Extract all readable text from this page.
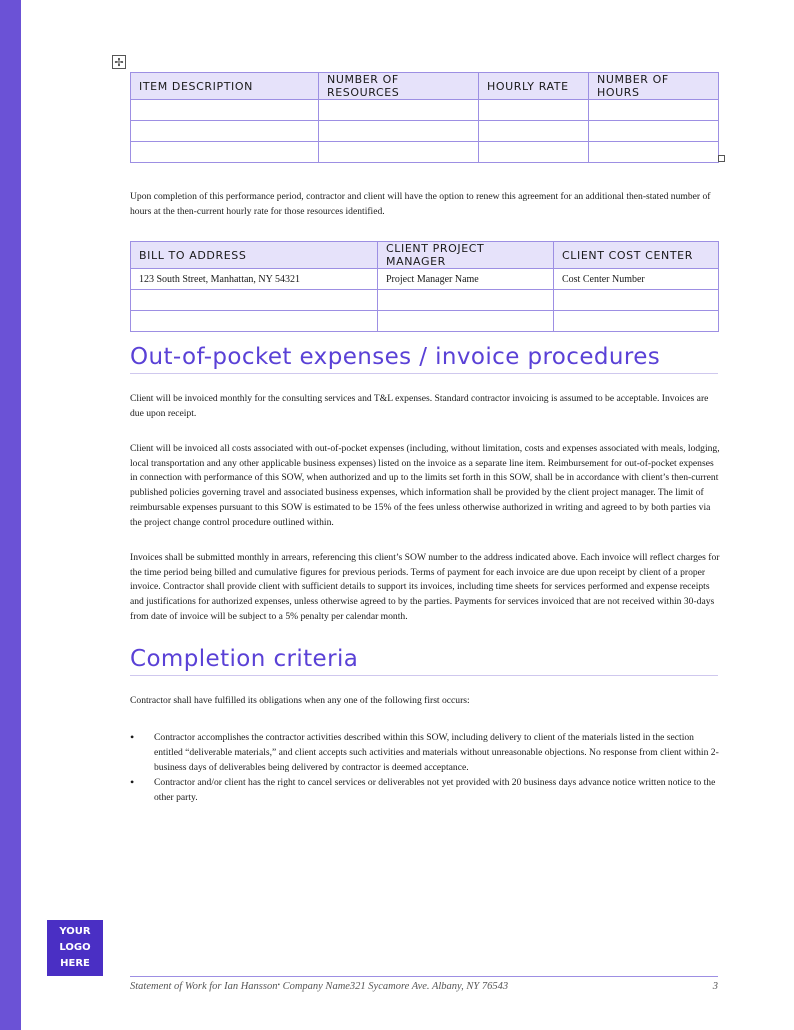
✢
ITEM DESCRIPTION	NUMBER OF RESOURCES	HOURLY RATE	NUMBER OF HOURS

Upon completion of this performance period, contractor and client will have the option to renew this agreement for an additional then-stated number of hours at the then-current hourly rate for those resources identified.

BILL TO ADDRESS	CLIENT PROJECT MANAGER	CLIENT COST CENTER
123 South Street, Manhattan, NY 54321	Project Manager Name	Cost Center Number

Out-of-pocket expenses / invoice procedures

Client will be invoiced monthly for the consulting services and T&L expenses. Standard contractor invoicing is assumed to be acceptable. Invoices are due upon receipt.

Client will be invoiced all costs associated with out-of-pocket expenses (including, without limitation, costs and expenses associated with meals, lodging, local transportation and any other applicable business expenses) listed on the invoice as a separate line item. Reimbursement for out-of-pocket expenses in connection with performance of this SOW, when authorized and up to the limits set forth in this SOW, shall be in accordance with client’s then-current published policies governing travel and associated business expenses, which information shall be provided by the client project manager. The limit of reimbursable expenses pursuant to this SOW is estimated to be 15% of the fees unless otherwise authorized in writing and agreed to by both parties via the project change control procedure outlined within.

Invoices shall be submitted monthly in arrears, referencing this client’s SOW number to the address indicated above. Each invoice will reflect charges for the time period being billed and cumulative figures for previous periods. Terms of payment for each invoice are due upon receipt by client of a proper invoice. Contractor shall provide client with sufficient details to support its invoices, including time sheets for services performed and expense receipts and justifications for authorized expenses, unless otherwise agreed to by the parties. Payments for services invoiced that are not received within 30-days from date of invoice will be subject to a 5% penalty per calendar month.

Completion criteria

Contractor shall have fulfilled its obligations when any one of the following first occurs:

• Contractor accomplishes the contractor activities described within this SOW, including delivery to client of the materials listed in the section entitled “deliverable materials,” and client accepts such activities and materials without unreasonable objections. No response from client within 2-business days of deliverables being delivered by contractor is deemed acceptance.
• Contractor and/or client has the right to cancel services or deliverables not yet provided with 20 business days advance notice written notice to the other party.
YOUR
LOGO
HERE
Statement of Work for Ian Hansson• Company Name321 Sycamore Ave. Albany, NY 76543	3
